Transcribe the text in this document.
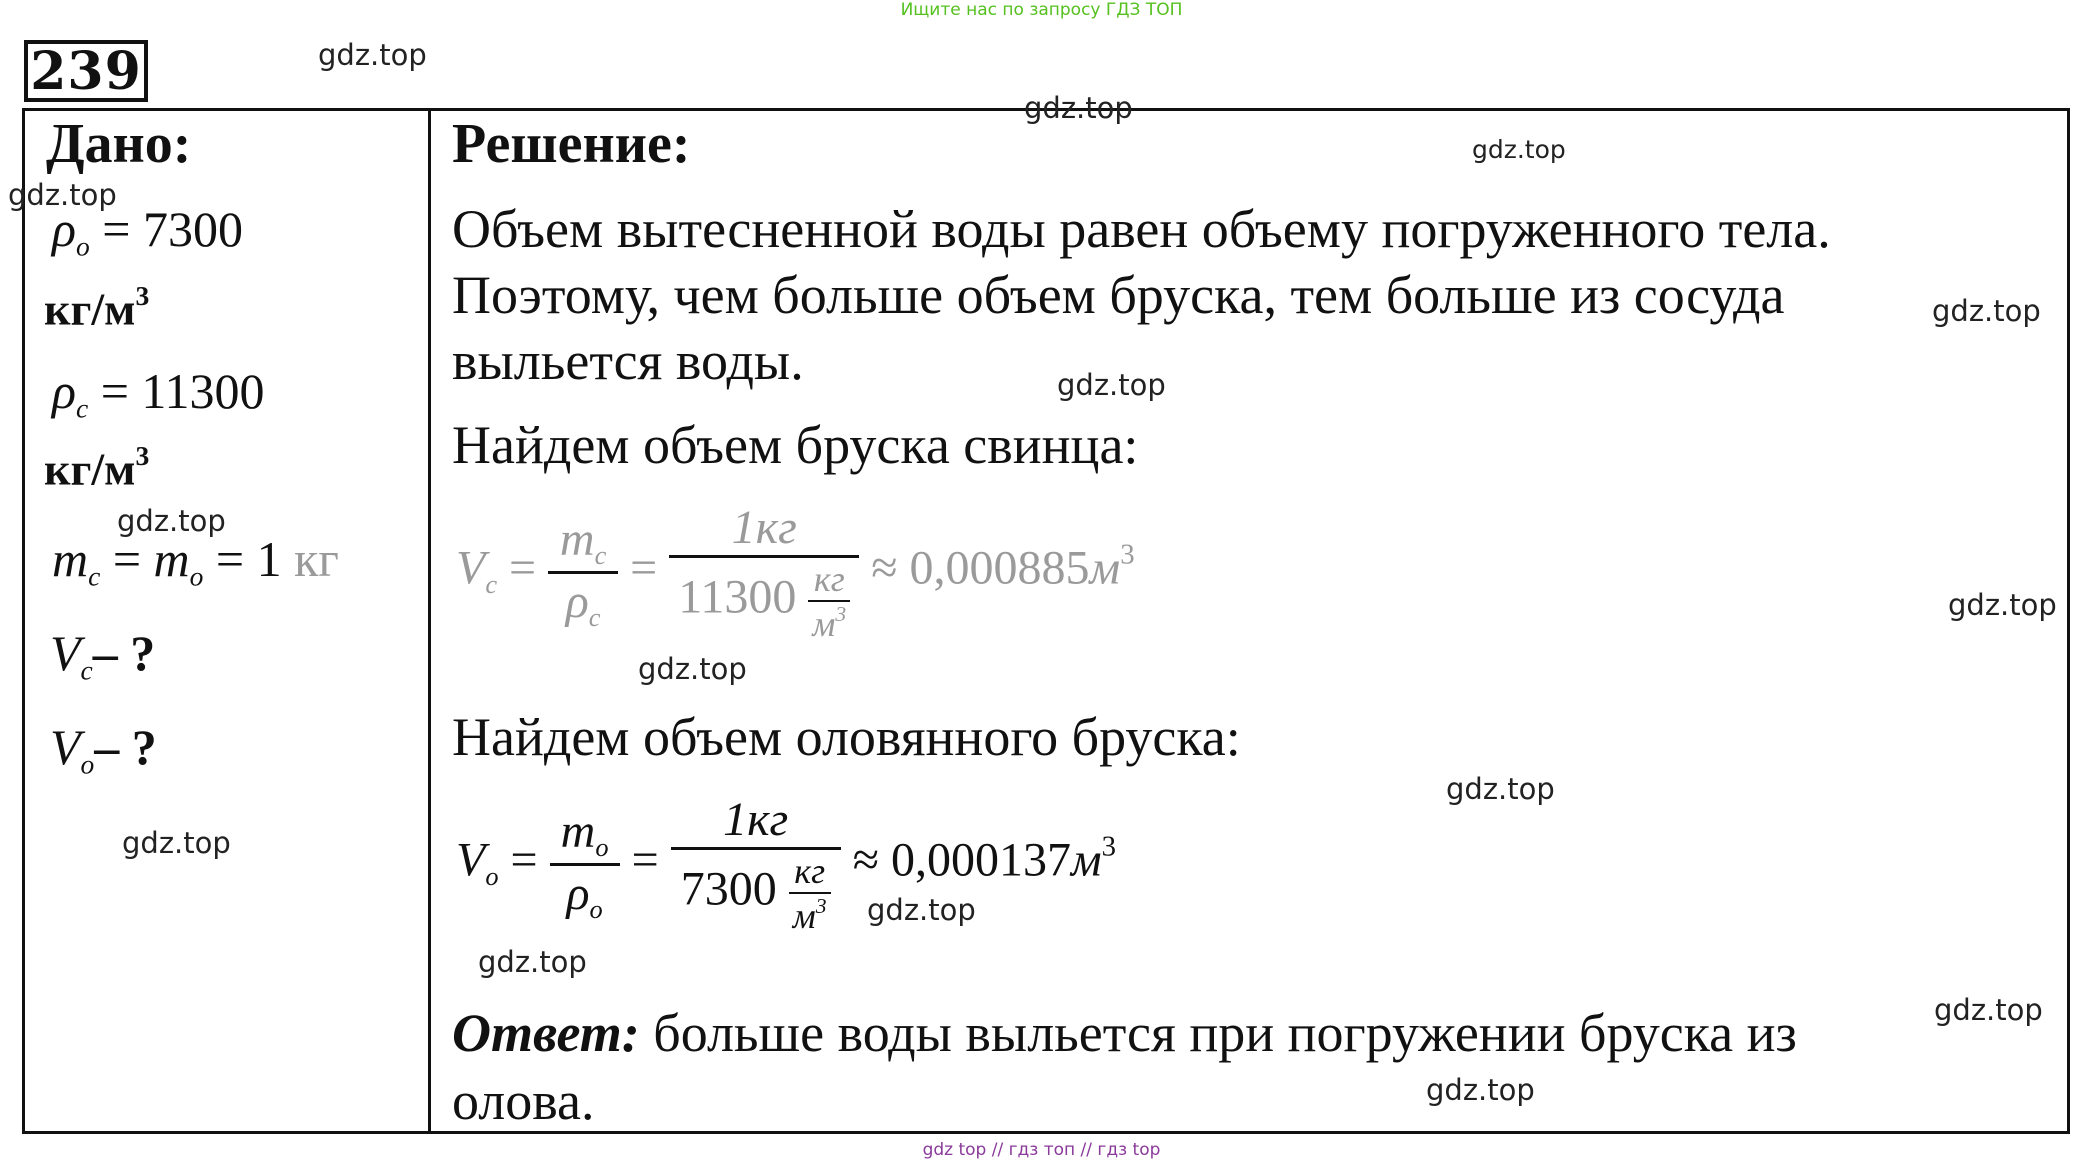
Ищите нас по запросу ГДЗ ТОП
239
Дано:
$\rho_o = 7300$
$кг/м^3$
$\rho_c = 11300$
$кг/м^3$
$m_c = m_o = 1$ кг
$V_c-$ ?
$V_o-$ ?
Решение:
Объем вытесненной воды равен объему погруженного тела.
Поэтому, чем больше объем бруска, тем больше из сосуда
выльется воды.
Найдем объем бруска свинца:
$V_c = \frac{m_c}{\rho_c} = \frac{1кг}{11300 \frac{кг}{м^3}} \approx 0,000885м^3$
Найдем объем оловянного бруска:
$V_o = \frac{m_o}{\rho_o} = \frac{1кг}{7300 \frac{кг}{м^3}} \approx 0,000137м^3$
Ответ: больше воды выльется при погружении бруска из
олова.
gdz.top
gdz.top
gdz.top
gdz.top
gdz.top
gdz.top
gdz.top
gdz.top
gdz.top
gdz.top
gdz.top
gdz.top
gdz.top
gdz.top
gdz.top
gdz top // гдз топ // гдз top
